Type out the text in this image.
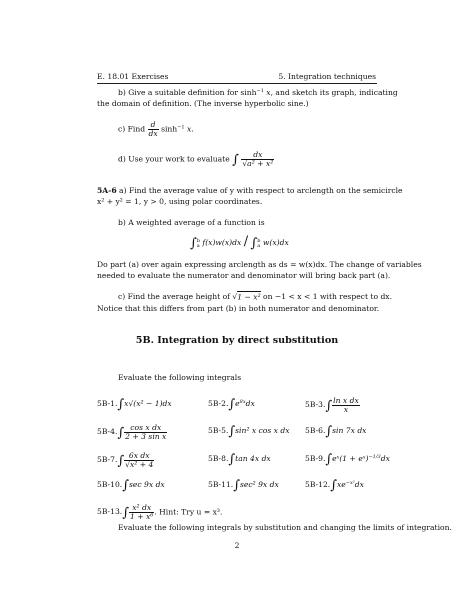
E. 18.01 Exercises	5. Integration techniques
b) Give a suitable definition for $\sinh^{-1} x$, and sketch its graph, indicating
the domain of definition. (The inverse hyperbolic sine.)
c) Find $\frac{d}{dx} \sinh^{-1} x$.
d) Use your work to evaluate ∫ $\frac{dx}{\text{√a² + x²}}$
5A-6 a) Find the average value of y with respect to arclength on the semicircle
x² + y² = 1, y > 0, using polar coordinates.
b) A weighted average of a function is
$\int_a^b$ $f(x)w(x)dx / \int_a^b$ w(x)dx
Do part (a) over again expressing arclength as ds = w(x)dx. The change of variables
needed to evaluate the numerator and denominator will bring back part (a).
c) Find the average height of √1 − x² on −1 < x < 1 with respect to dx.
Notice that this differs from part (b) in both numerator and denominator.
5B. Integration by direct substitution
Evaluate the following integrals
5B-1.∫x√(x² − 1)dx	$5B-2.\int e^{8x}dx$	$5B-3.\int \frac{\text{ln x dx}}{x}$
$5B-4.\int \frac{\text{cos x dx}}{\text{2 + 3 sin x}}$	5B-5.∫sin² x cos x dx 5B-6.∫sin 7x dx
$5B-7.\int \frac{\text{6x dx}}{\text{√x² + 4}}$	5B-8.∫tan 4x dx	5B-9.∫eˣ(1 + eˣ)$^{-1/3}$dx
5B-10.∫sec 9x dx	5B-11.∫sec² 9x dx	$5B-12.\int xe^{-x^2}dx$
$5B-13.\int \frac{\text{x² dx}}{\text{1 + x⁶}}$ . Hint: Try u = x³.
Evaluate the following integrals by substitution and changing the limits of integration.
2
